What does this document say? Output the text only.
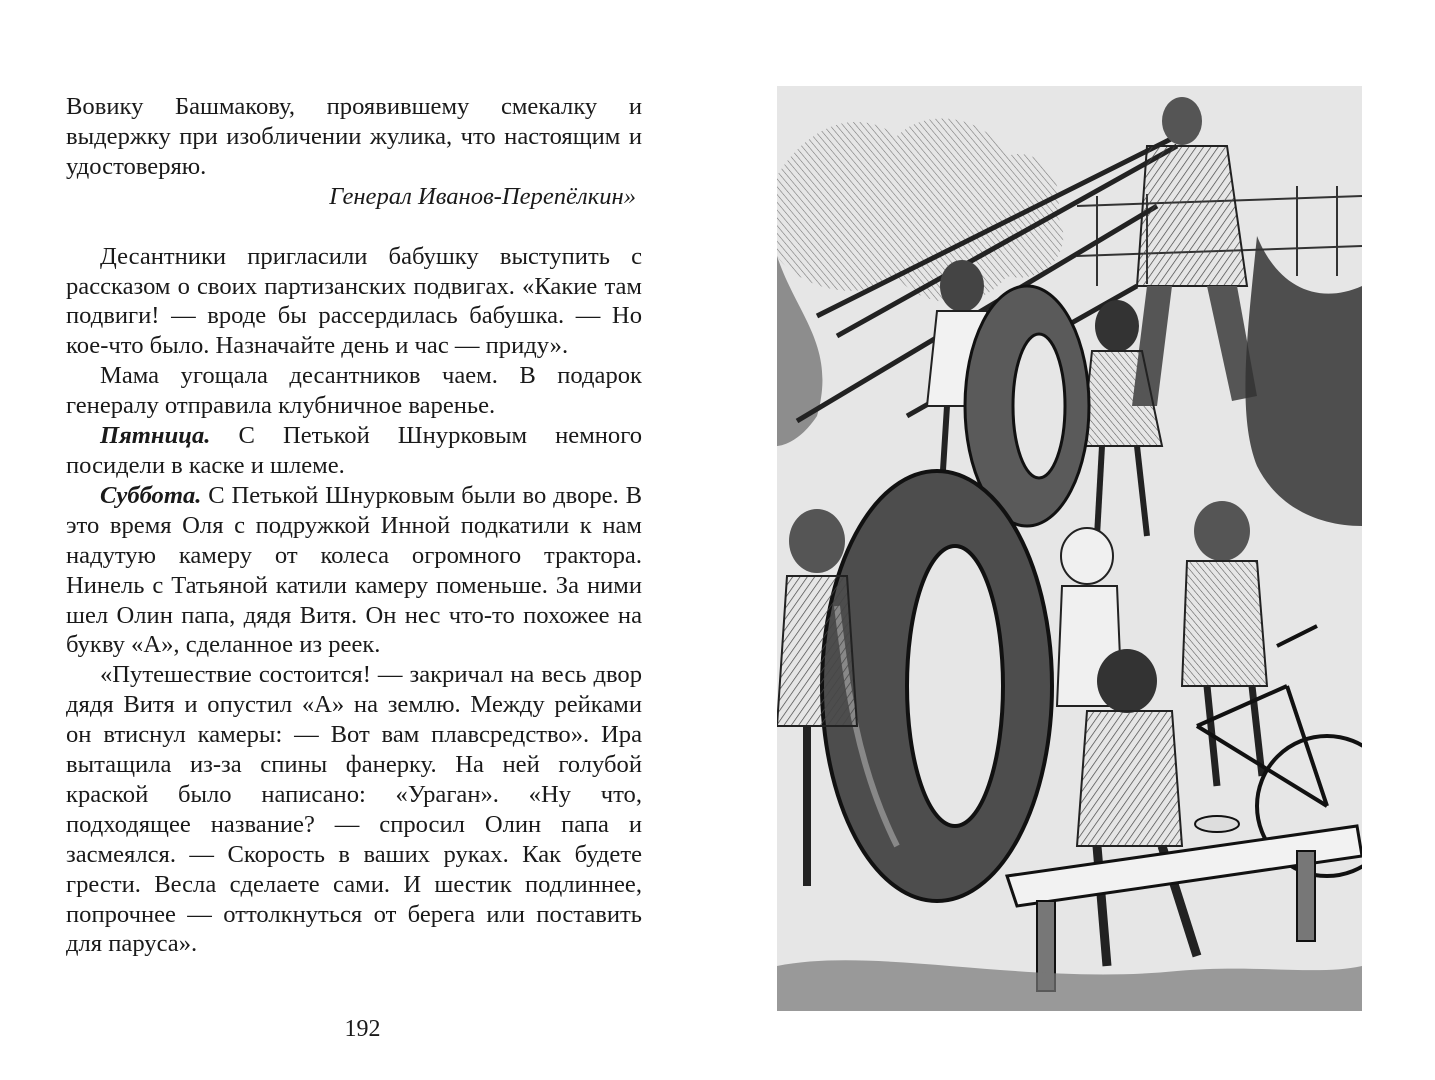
Вовику Башмакову, проявившему смекалку и выдержку при изобличении жулика, что настоящим и удостоверяю.

Генерал Иванов-Перепёлкин»

Десантники пригласили бабушку выступить с рассказом о своих партизанских подвигах. «Какие там подвиги! — вроде бы рассердилась бабушка. — Но кое-что было. Назначайте день и час — приду».

Мама угощала десантников чаем. В подарок генералу отправила клубничное варенье.

Пятница. С Петькой Шнурковым немного посидели в каске и шлеме.

Суббота. С Петькой Шнурковым были во дворе. В это время Оля с подружкой Инной подкатили к нам надутую камеру от колеса огромного трактора. Нинель с Татьяной катили камеру поменьше. За ними шел Олин папа, дядя Витя. Он нес что-то похожее на букву «А», сделанное из реек.

«Путешествие состоится! — закричал на весь двор дядя Витя и опустил «А» на землю. Между рейками он втиснул камеры: — Вот вам плавсредство». Ира вытащила из-за спины фанерку. На ней голубой краской было написано: «Ураган». «Ну что, подходящее название? — спросил Олин папа и засмеялся. — Скорость в ваших руках. Как будете грести. Весла сделаете сами. И шестик подлиннее, попрочнее — оттолкнуться от берега или поставить для паруса».

192
